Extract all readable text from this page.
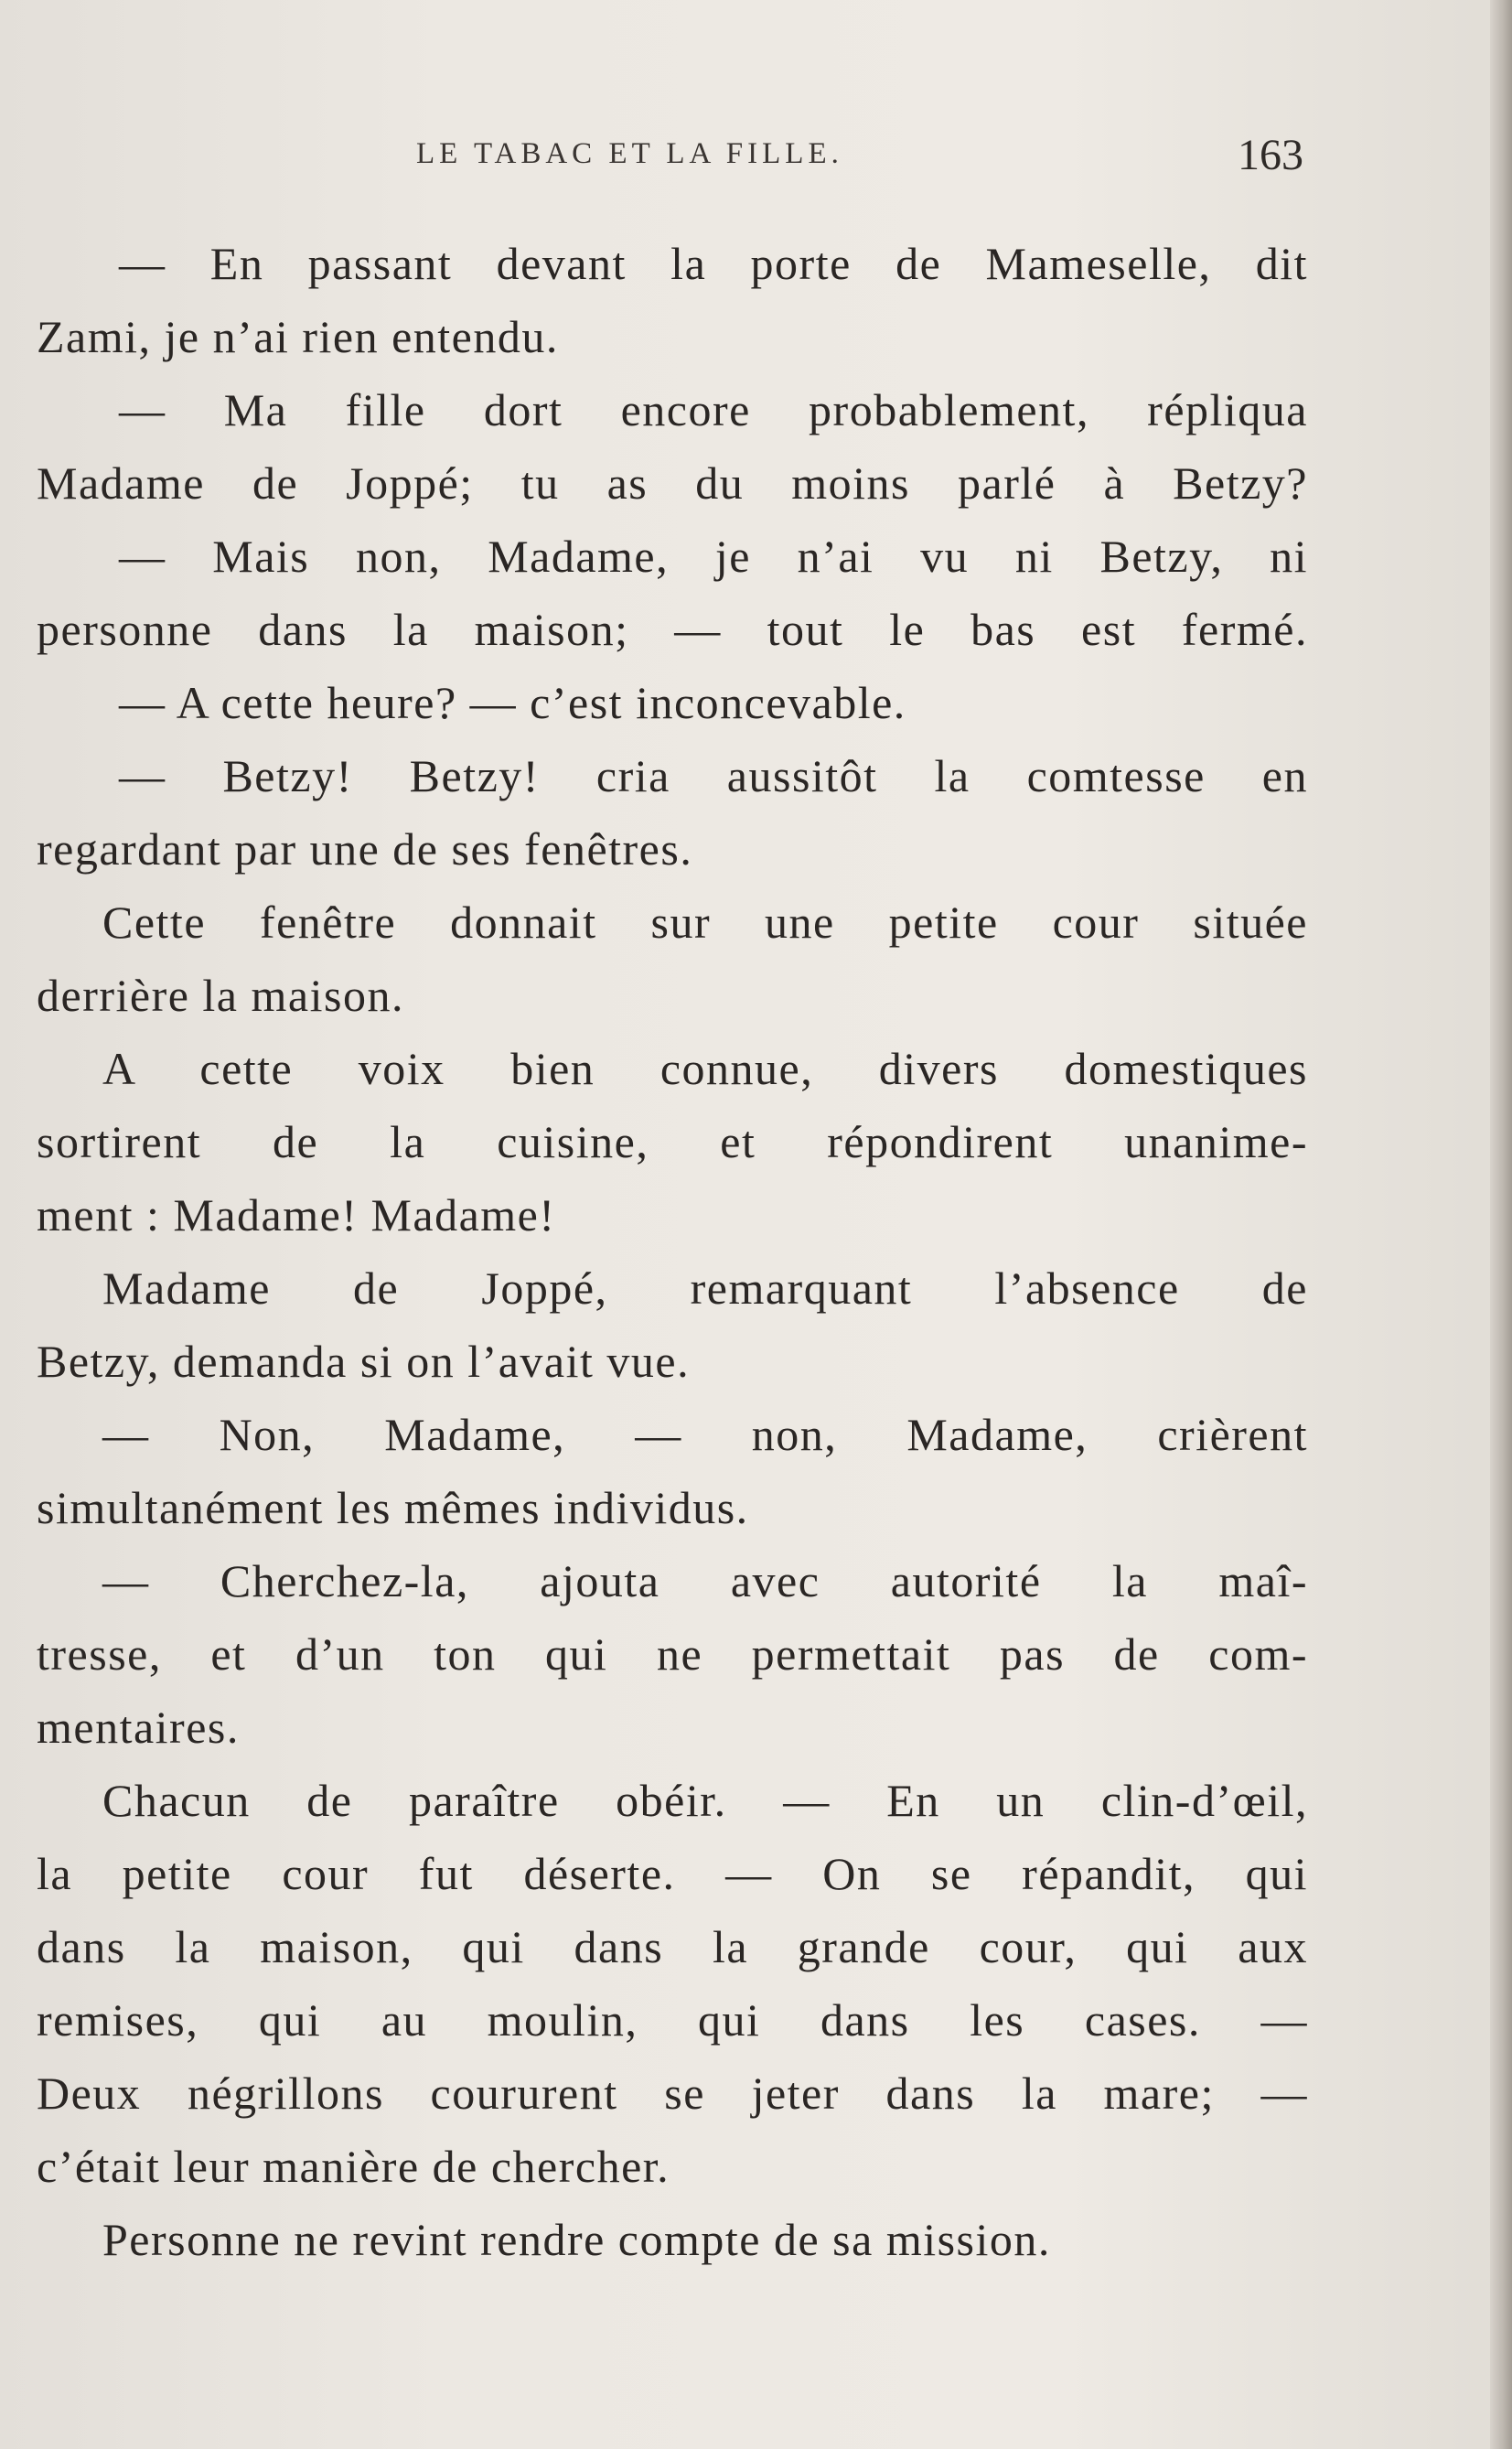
LE TABAC ET LA FILLE.	163
— En passant devant la porte de Mameselle, dit
Zami, je n’ai rien entendu.
— Ma fille dort encore probablement, répliqua
Madame de Joppé; tu as du moins parlé à Betzy?
— Mais non, Madame, je n’ai vu ni Betzy, ni
personne dans la maison; — tout le bas est fermé.
— A cette heure? — c’est inconcevable.
— Betzy! Betzy! cria aussitôt la comtesse en
regardant par une de ses fenêtres.
Cette fenêtre donnait sur une petite cour située
derrière la maison.
A cette voix bien connue, divers domestiques
sortirent de la cuisine, et répondirent unanime-
ment : Madame! Madame!
Madame de Joppé, remarquant l’absence de
Betzy, demanda si on l’avait vue.
— Non, Madame, — non, Madame, crièrent
simultanément les mêmes individus.
— Cherchez-la, ajouta avec autorité la maî-
tresse, et d’un ton qui ne permettait pas de com-
mentaires.
Chacun de paraître obéir. — En un clin-d’œil,
la petite cour fut déserte. — On se répandit, qui
dans la maison, qui dans la grande cour, qui aux
remises, qui au moulin, qui dans les cases. —
Deux négrillons coururent se jeter dans la mare; —
c’était leur manière de chercher.
Personne ne revint rendre compte de sa mission.
